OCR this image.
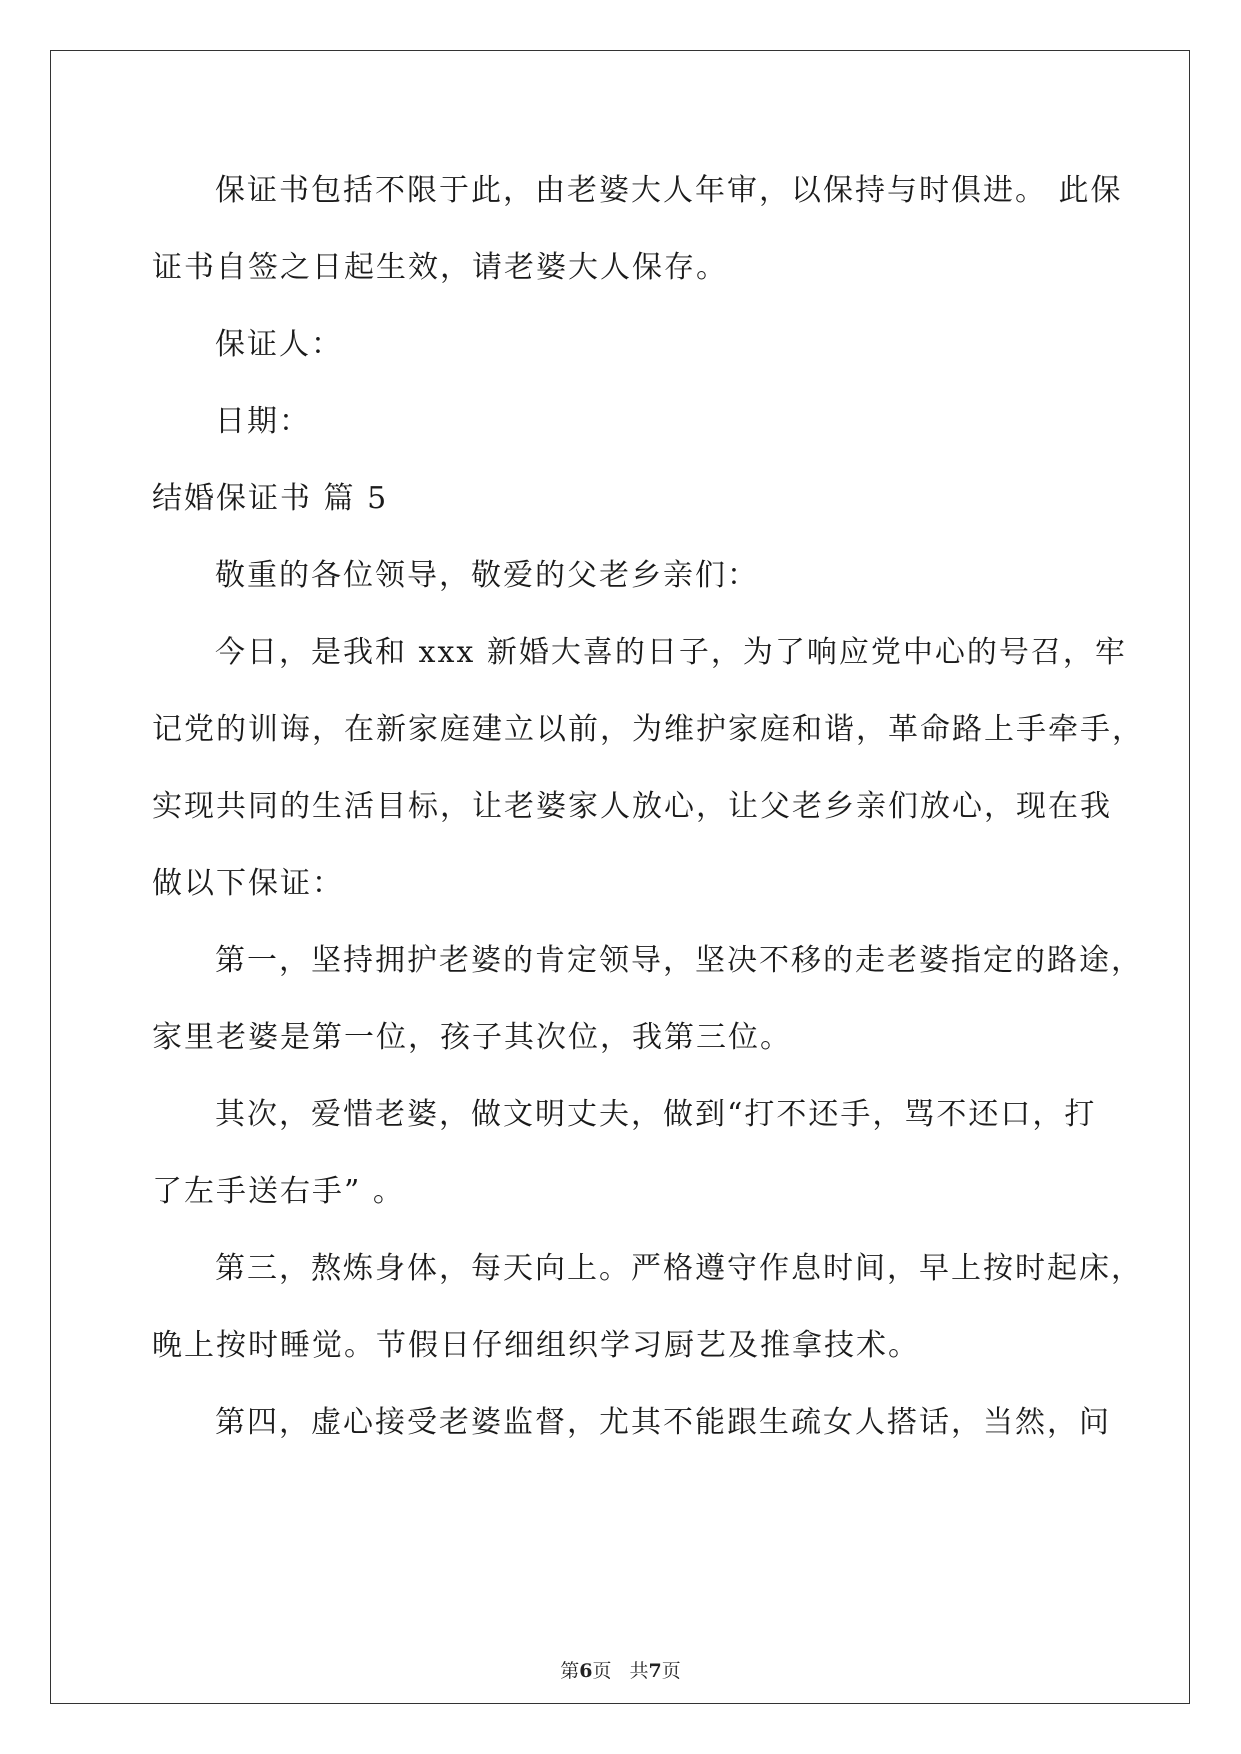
保证书包括不限于此，由老婆大人年审，以保持与时俱进。 此保
证书自签之日起生效，请老婆大人保存。
保证人：
日期：
结婚保证书 篇 5
敬重的各位领导，敬爱的父老乡亲们：
今日，是我和 xxx 新婚大喜的日子，为了响应党中心的号召，牢
记党的训诲，在新家庭建立以前，为维护家庭和谐，革命路上手牵手，
实现共同的生活目标，让老婆家人放心，让父老乡亲们放心，现在我
做以下保证：
第一，坚持拥护老婆的肯定领导，坚决不移的走老婆指定的路途，
家里老婆是第一位，孩子其次位，我第三位。
其次，爱惜老婆，做文明丈夫，做到“打不还手，骂不还口，打
了左手送右手” 。
第三，熬炼身体，每天向上。严格遵守作息时间，早上按时起床，
晚上按时睡觉。节假日仔细组织学习厨艺及推拿技术。
第四，虚心接受老婆监督，尤其不能跟生疏女人搭话，当然，问
第6页 共7页
